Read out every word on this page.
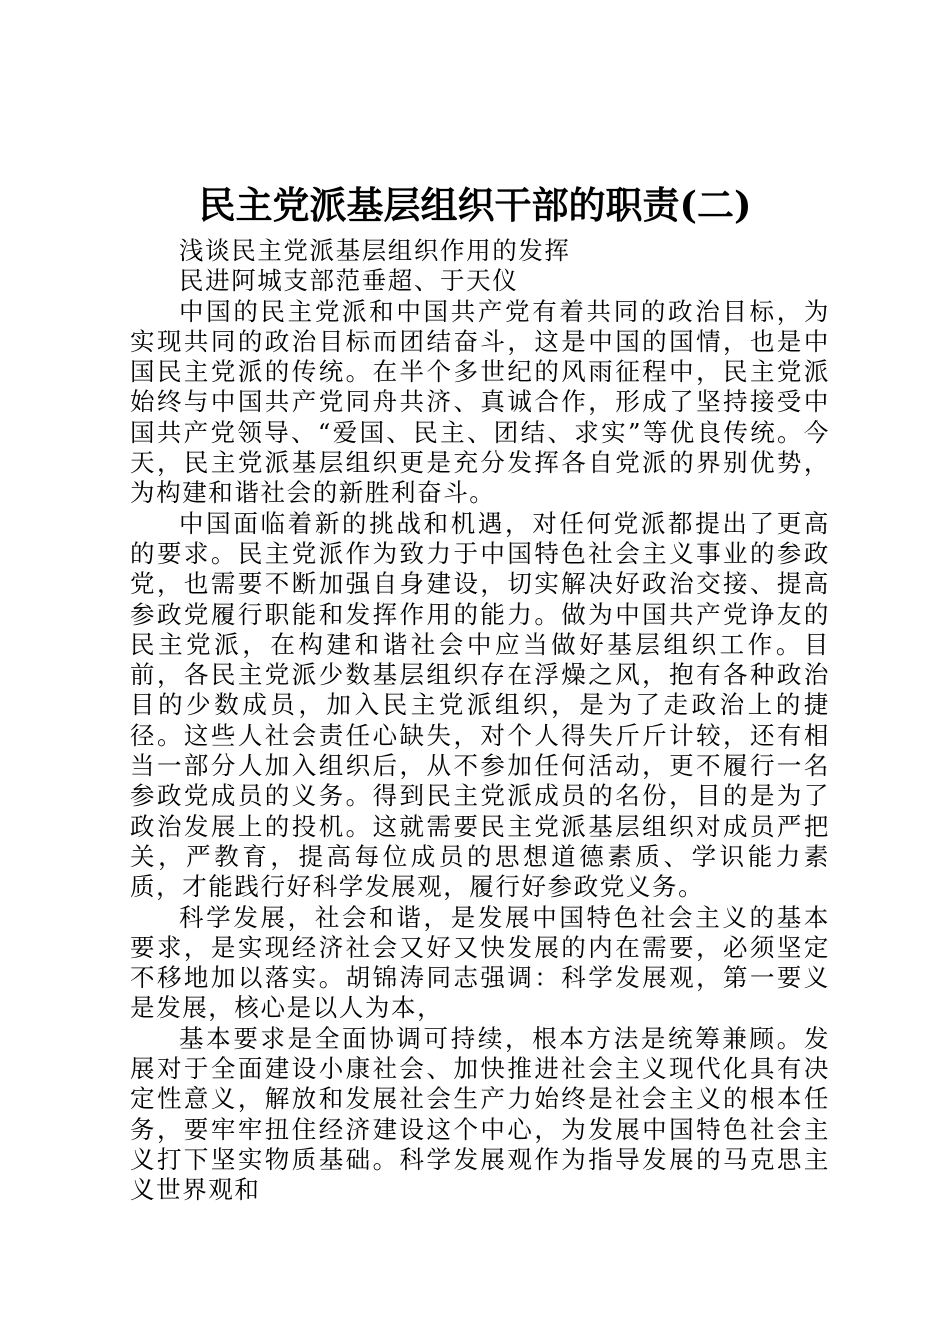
民主党派基层组织干部的职责(二)

浅谈民主党派基层组织作用的发挥

民进阿城支部范垂超、于天仪

中国的民主党派和中国共产党有着共同的政治目标，为实现共同的政治目标而团结奋斗，这是中国的国情，也是中国民主党派的传统。在半个多世纪的风雨征程中，民主党派始终与中国共产党同舟共济、真诚合作，形成了坚持接受中国共产党领导、“爱国、民主、团结、求实”等优良传统。今天，民主党派基层组织更是充分发挥各自党派的界别优势，为构建和谐社会的新胜利奋斗。

中国面临着新的挑战和机遇，对任何党派都提出了更高的要求。民主党派作为致力于中国特色社会主义事业的参政党，也需要不断加强自身建设，切实解决好政治交接、提高参政党履行职能和发挥作用的能力。做为中国共产党诤友的民主党派，在构建和谐社会中应当做好基层组织工作。目前，各民主党派少数基层组织存在浮燥之风，抱有各种政治目的少数成员，加入民主党派组织，是为了走政治上的捷径。这些人社会责任心缺失，对个人得失斤斤计较，还有相当一部分人加入组织后，从不参加任何活动，更不履行一名参政党成员的义务。得到民主党派成员的名份，目的是为了政治发展上的投机。这就需要民主党派基层组织对成员严把关，严教育，提高每位成员的思想道德素质、学识能力素质，才能践行好科学发展观，履行好参政党义务。

科学发展，社会和谐，是发展中国特色社会主义的基本要求，是实现经济社会又好又快发展的内在需要，必须坚定不移地加以落实。胡锦涛同志强调：科学发展观，第一要义是发展，核心是以人为本，

基本要求是全面协调可持续，根本方法是统筹兼顾。发展对于全面建设小康社会、加快推进社会主义现代化具有决定性意义，解放和发展社会生产力始终是社会主义的根本任务，要牢牢扭住经济建设这个中心，为发展中国特色社会主义打下坚实物质基础。科学发展观作为指导发展的马克思主义世界观和
